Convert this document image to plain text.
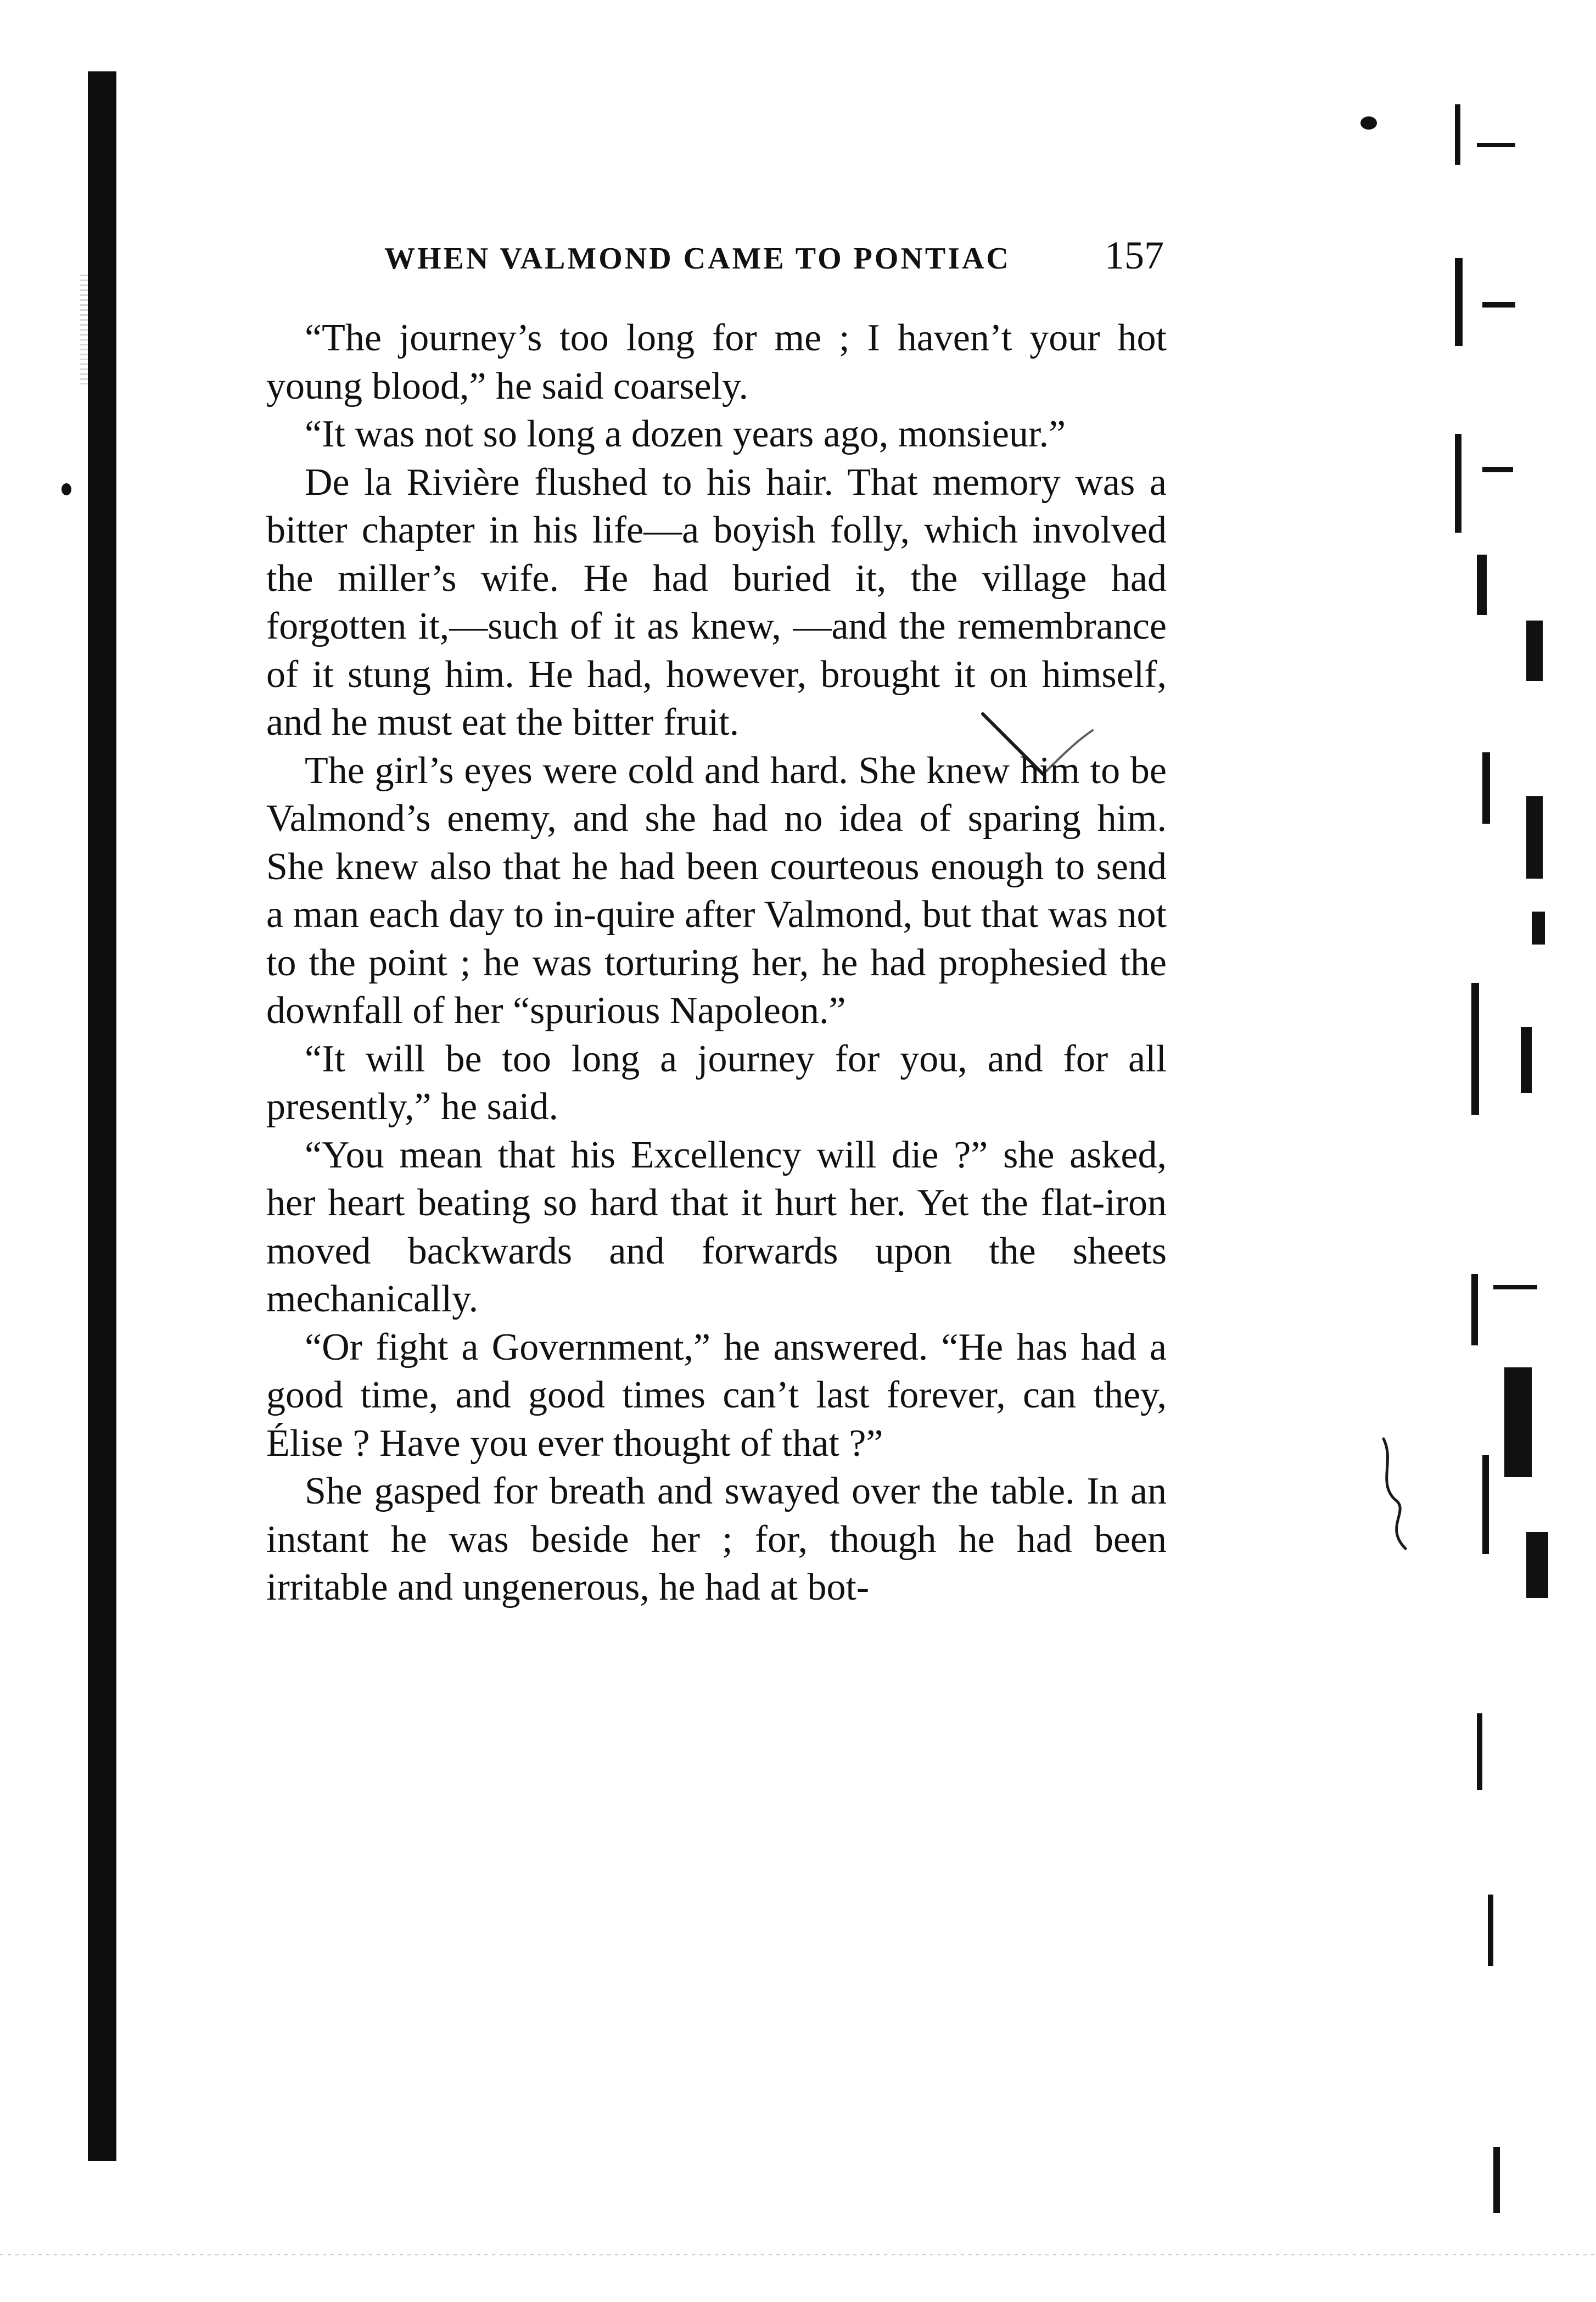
WHEN VALMOND CAME TO PONTIAC 157

“The journey’s too long for me ; I haven’t your hot young blood,” he said coarsely.

“It was not so long a dozen years ago, monsieur.”

De la Rivière flushed to his hair. That memory was a bitter chapter in his life—a boyish folly, which involved the miller’s wife. He had buried it, the village had forgotten it,—such of it as knew, —and the remembrance of it stung him. He had, however, brought it on himself, and he must eat the bitter fruit.

The girl’s eyes were cold and hard. She knew him to be Valmond’s enemy, and she had no idea of sparing him. She knew also that he had been courteous enough to send a man each day to in-quire after Valmond, but that was not to the point ; he was torturing her, he had prophesied the downfall of her “spurious Napoleon.”

“It will be too long a journey for you, and for all presently,” he said.

“You mean that his Excellency will die ?” she asked, her heart beating so hard that it hurt her. Yet the flat-iron moved backwards and forwards upon the sheets mechanically.

“Or fight a Government,” he answered. “He has had a good time, and good times can’t last forever, can they, Élise ? Have you ever thought of that ?”

She gasped for breath and swayed over the table. In an instant he was beside her ; for, though he had been irritable and ungenerous, he had at bot-
